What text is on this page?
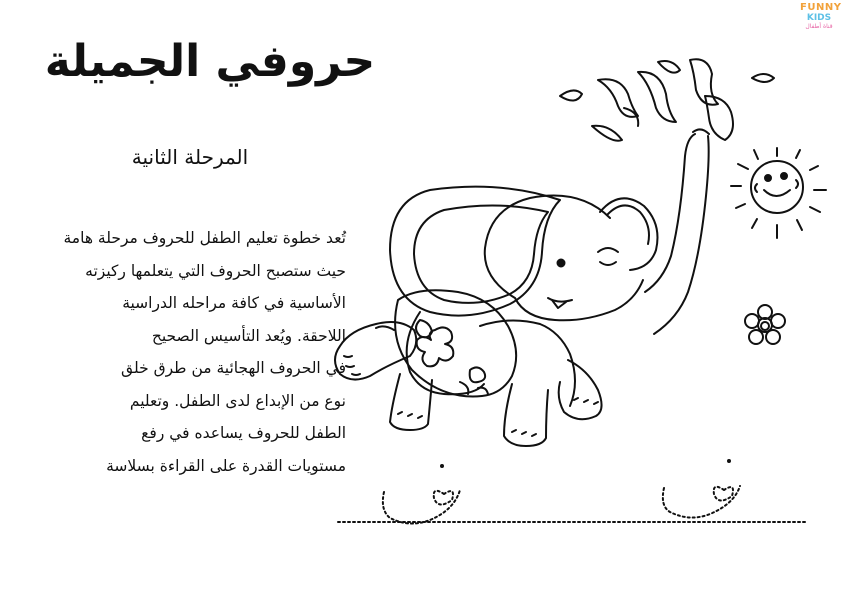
حروفي الجميلة
المرحلة الثانية
تُعد خطوة تعليم الطفل للحروف مرحلة هامة
حيث ستصبح الحروف التي يتعلمها ركيزته
الأساسية في كافة مراحله الدراسية
اللاحقة. ويُعد التأسيس الصحيح
في الحروف الهجائية من طرق خلق
نوع من الإبداع لدى الطفل. وتعليم
الطفل للحروف يساعده في رفع
مستويات القدرة على القراءة بسلاسة
FUNNY
KIDS
قناة أطفال
